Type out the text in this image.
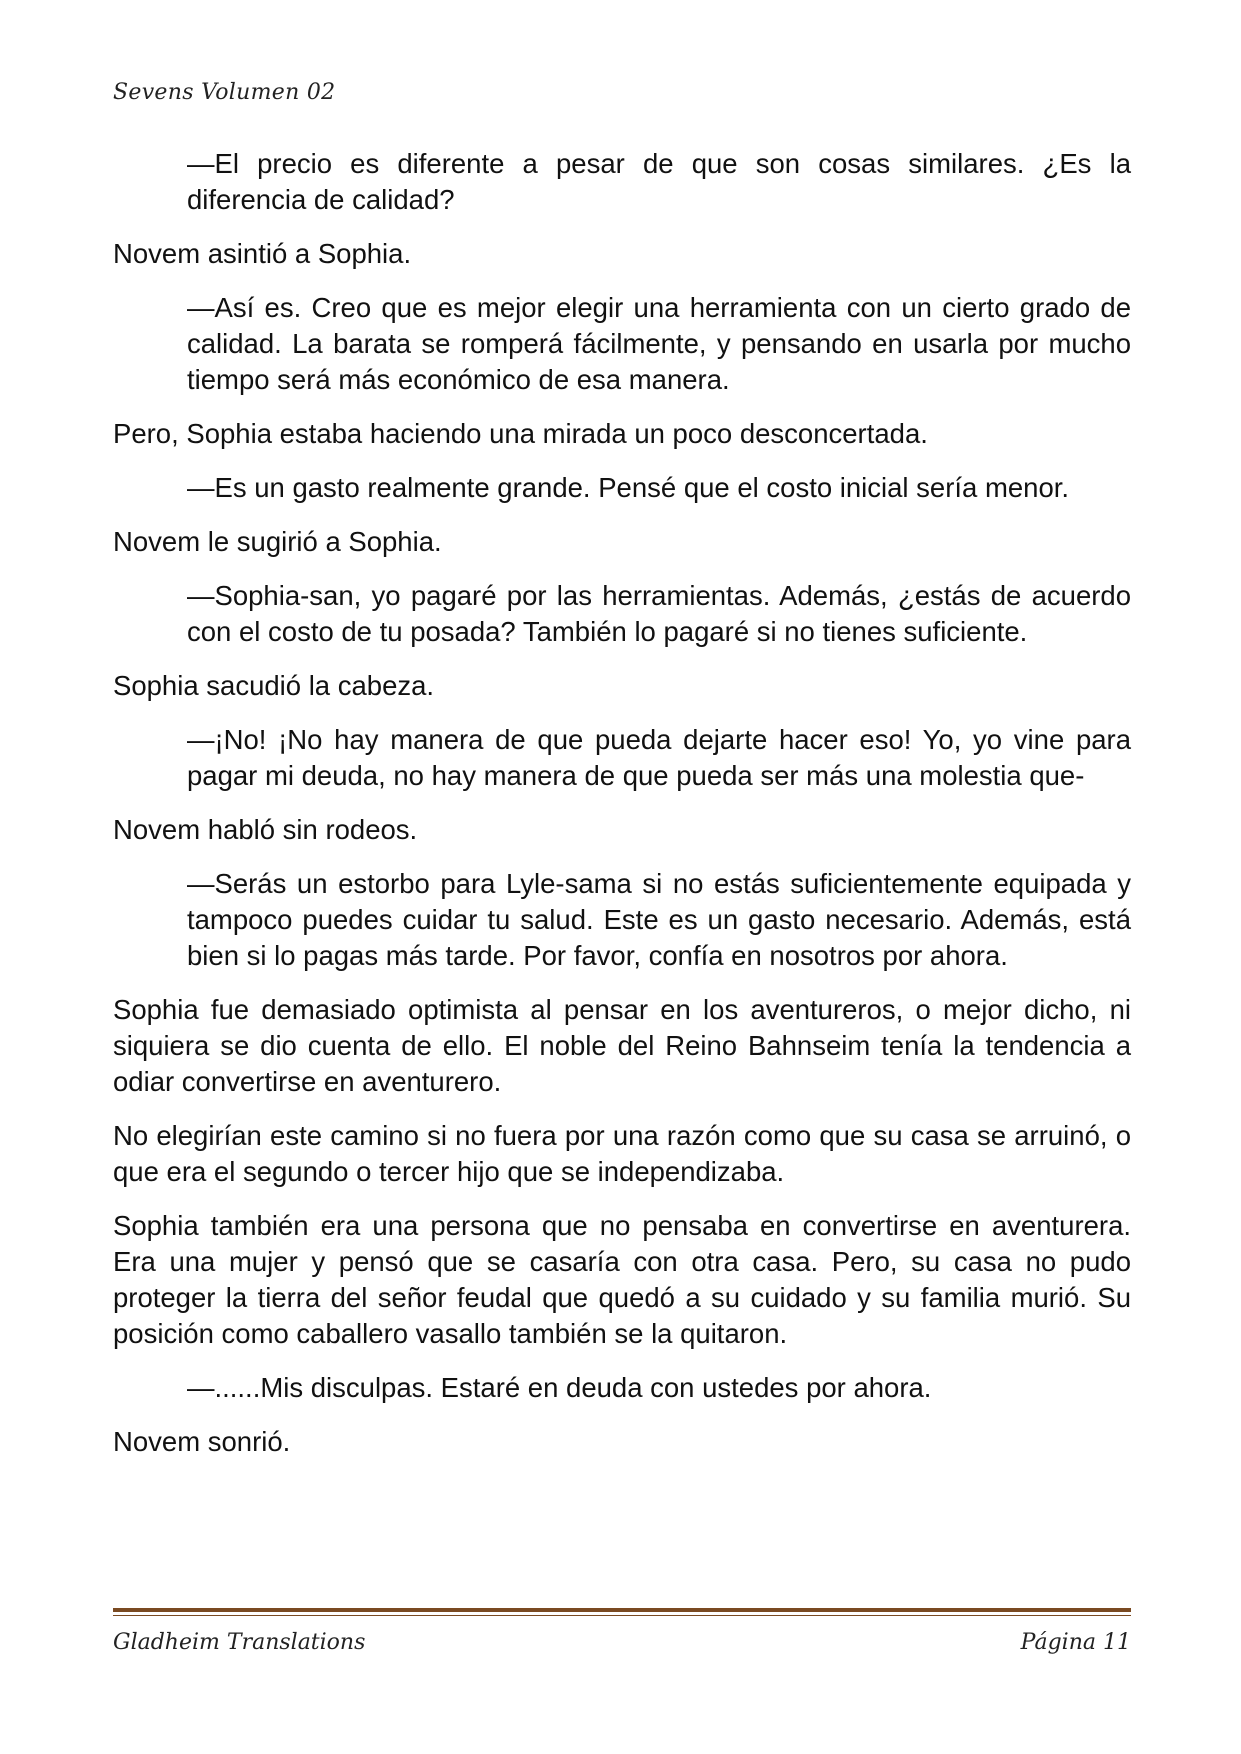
Sevens Volumen 02

—El precio es diferente a pesar de que son cosas similares. ¿Es la diferencia de calidad?

Novem asintió a Sophia.

—Así es. Creo que es mejor elegir una herramienta con un cierto grado de calidad. La barata se romperá fácilmente, y pensando en usarla por mucho tiempo será más económico de esa manera.

Pero, Sophia estaba haciendo una mirada un poco desconcertada.

—Es un gasto realmente grande. Pensé que el costo inicial sería menor.

Novem le sugirió a Sophia.

—Sophia-san, yo pagaré por las herramientas. Además, ¿estás de acuerdo con el costo de tu posada? También lo pagaré si no tienes suficiente.

Sophia sacudió la cabeza.

—¡No! ¡No hay manera de que pueda dejarte hacer eso! Yo, yo vine para pagar mi deuda, no hay manera de que pueda ser más una molestia que-

Novem habló sin rodeos.

—Serás un estorbo para Lyle-sama si no estás suficientemente equipada y tampoco puedes cuidar tu salud. Este es un gasto necesario. Además, está bien si lo pagas más tarde. Por favor, confía en nosotros por ahora.

Sophia fue demasiado optimista al pensar en los aventureros, o mejor dicho, ni siquiera se dio cuenta de ello. El noble del Reino Bahnseim tenía la tendencia a odiar convertirse en aventurero.

No elegirían este camino si no fuera por una razón como que su casa se arruinó, o que era el segundo o tercer hijo que se independizaba.

Sophia también era una persona que no pensaba en convertirse en aventurera. Era una mujer y pensó que se casaría con otra casa. Pero, su casa no pudo proteger la tierra del señor feudal que quedó a su cuidado y su familia murió. Su posición como caballero vasallo también se la quitaron.

—......Mis disculpas. Estaré en deuda con ustedes por ahora.

Novem sonrió.

Gladheim Translations	Página 11
